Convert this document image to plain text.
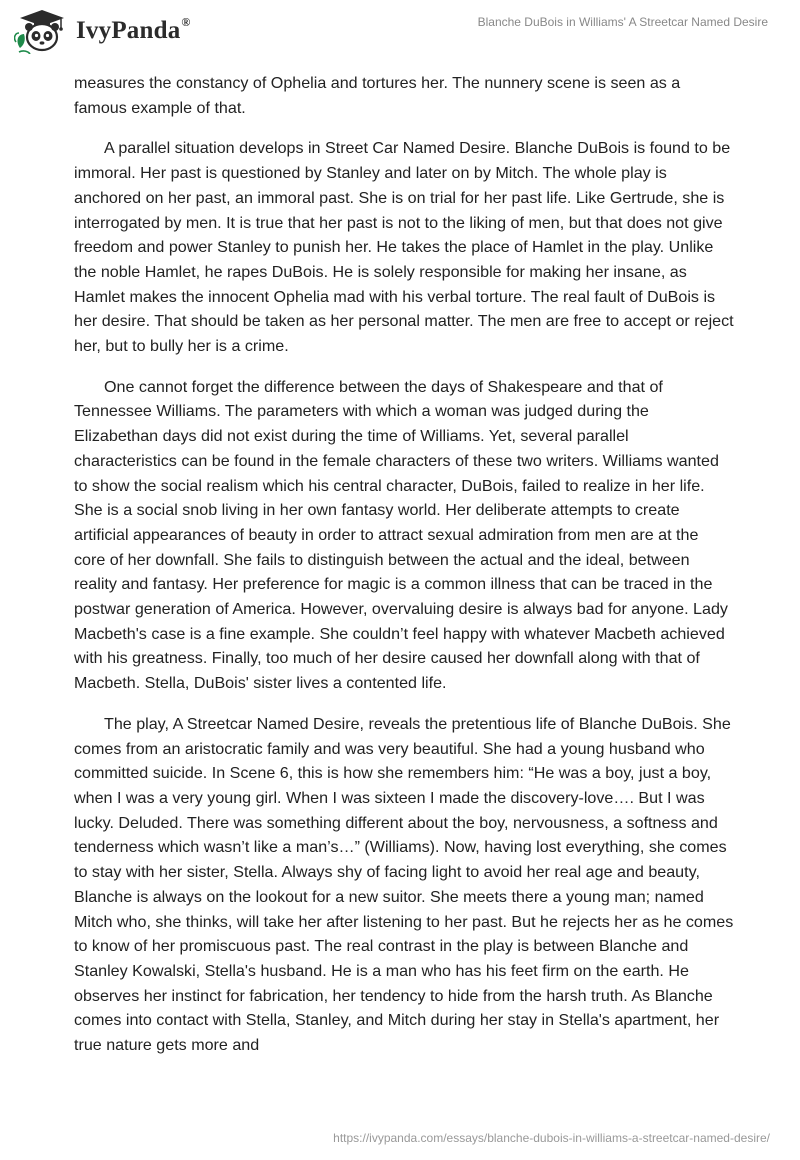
IvyPanda®	Blanche DuBois in Williams' A Streetcar Named Desire

measures the constancy of Ophelia and tortures her. The nunnery scene is seen as a famous example of that.

A parallel situation develops in Street Car Named Desire. Blanche DuBois is found to be immoral. Her past is questioned by Stanley and later on by Mitch. The whole play is anchored on her past, an immoral past. She is on trial for her past life. Like Gertrude, she is interrogated by men. It is true that her past is not to the liking of men, but that does not give freedom and power Stanley to punish her. He takes the place of Hamlet in the play. Unlike the noble Hamlet, he rapes DuBois. He is solely responsible for making her insane, as Hamlet makes the innocent Ophelia mad with his verbal torture. The real fault of DuBois is her desire. That should be taken as her personal matter. The men are free to accept or reject her, but to bully her is a crime.

One cannot forget the difference between the days of Shakespeare and that of Tennessee Williams. The parameters with which a woman was judged during the Elizabethan days did not exist during the time of Williams. Yet, several parallel characteristics can be found in the female characters of these two writers. Williams wanted to show the social realism which his central character, DuBois, failed to realize in her life. She is a social snob living in her own fantasy world. Her deliberate attempts to create artificial appearances of beauty in order to attract sexual admiration from men are at the core of her downfall. She fails to distinguish between the actual and the ideal, between reality and fantasy. Her preference for magic is a common illness that can be traced in the postwar generation of America. However, overvaluing desire is always bad for anyone. Lady Macbeth's case is a fine example. She couldn’t feel happy with whatever Macbeth achieved with his greatness. Finally, too much of her desire caused her downfall along with that of Macbeth. Stella, DuBois' sister lives a contented life.

The play, A Streetcar Named Desire, reveals the pretentious life of Blanche DuBois. She comes from an aristocratic family and was very beautiful. She had a young husband who committed suicide. In Scene 6, this is how she remembers him: “He was a boy, just a boy, when I was a very young girl. When I was sixteen I made the discovery-love…. But I was lucky. Deluded. There was something different about the boy, nervousness, a softness and tenderness which wasn’t like a man’s…” (Williams). Now, having lost everything, she comes to stay with her sister, Stella. Always shy of facing light to avoid her real age and beauty, Blanche is always on the lookout for a new suitor. She meets there a young man; named Mitch who, she thinks, will take her after listening to her past. But he rejects her as he comes to know of her promiscuous past. The real contrast in the play is between Blanche and Stanley Kowalski, Stella's husband. He is a man who has his feet firm on the earth. He observes her instinct for fabrication, her tendency to hide from the harsh truth. As Blanche comes into contact with Stella, Stanley, and Mitch during her stay in Stella's apartment, her true nature gets more and

https://ivypanda.com/essays/blanche-dubois-in-williams-a-streetcar-named-desire/
